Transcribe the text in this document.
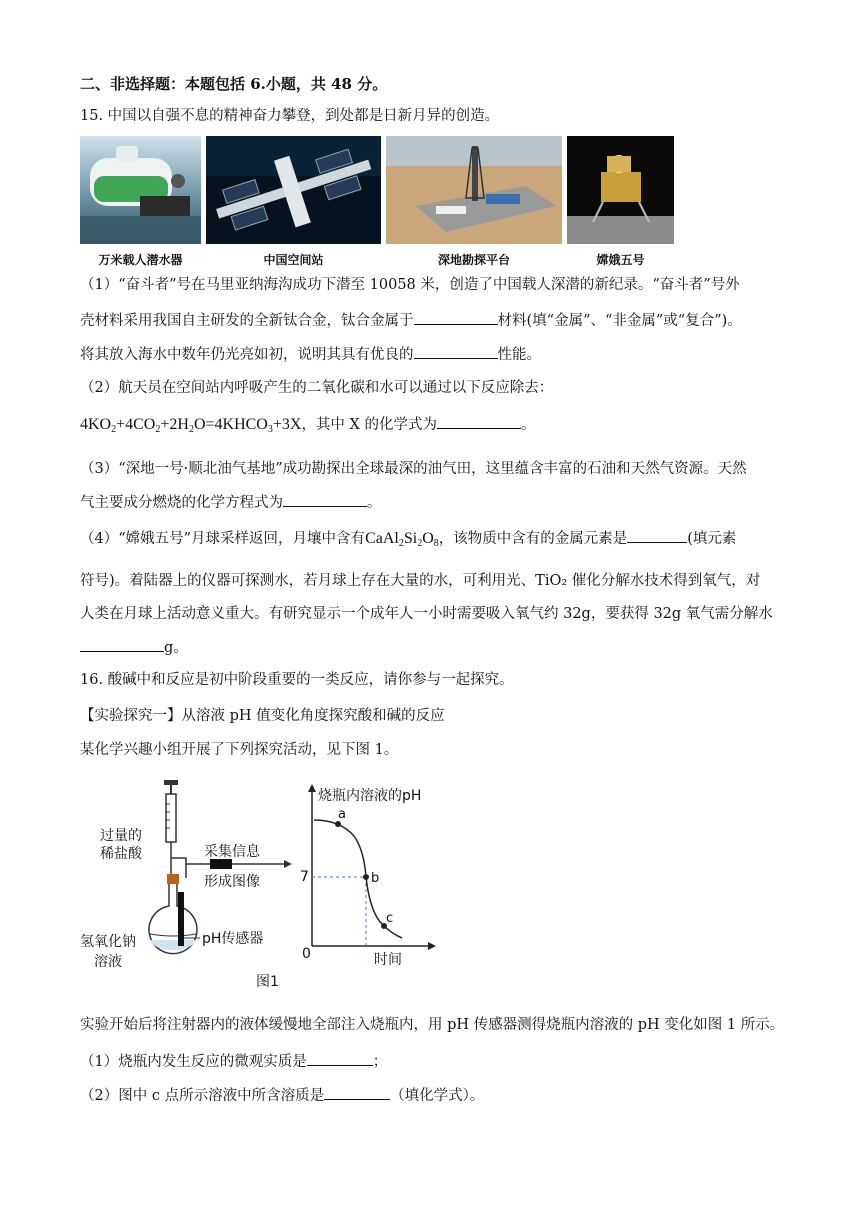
二、非选择题：本题包括 6.小题，共 48 分。
15. 中国以自强不息的精神奋力攀登，到处都是日新月异的创造。
万米载人潜水器	中国空间站	深地勘探平台	嫦娥五号
（1）“奋斗者”号在马里亚纳海沟成功下潜至 10058 米，创造了中国载人深潜的新纪录。“奋斗者”号外
壳材料采用我国自主研发的全新钛合金，钛合金属于	材料(填“金属”、“非金属”或“复合”)。
将其放入海水中数年仍光亮如初，说明其具有优良的	性能。
（2）航天员在空间站内呼吸产生的二氧化碳和水可以通过以下反应除去：
$4KO_2+4CO_2+2H_2O=4KHCO_3+3X$，其中 X 的化学式为	。
（3）“深地一号·顺北油气基地”成功勘探出全球最深的油气田，这里蕴含丰富的石油和天然气资源。天然
气主要成分燃烧的化学方程式为	。
（4）“嫦娥五号”月球采样返回，月壤中含有$CaAl_2Si_2O_8$，该物质中含有的金属元素是	(填元素
符号)。着陆器上的仪器可探测水，若月球上存在大量的水，可利用光、TiO₂ 催化分解水技术得到氧气，对
人类在月球上活动意义重大。有研究显示一个成年人一小时需要吸入氧气约 32g，要获得 32g 氧气需分解水
g。
16. 酸碱中和反应是初中阶段重要的一类反应，请你参与一起探究。
【实验探究一】从溶液 pH 值变化角度探究酸和碱的反应
某化学兴趣小组开展了下列探究活动，见下图 1。
过量的
稀盐酸	采集信息
形成图像
氢氧化钠
溶液
pH传感器
图1
烧瓶内溶液的pH
时间
0
7
a
b
c
实验开始后将注射器内的液体缓慢地全部注入烧瓶内，用 pH 传感器测得烧瓶内溶液的 pH 变化如图 1 所示。
（1）烧瓶内发生反应的微观实质是	；
（2）图中 c 点所示溶液中所含溶质是	（填化学式）。
